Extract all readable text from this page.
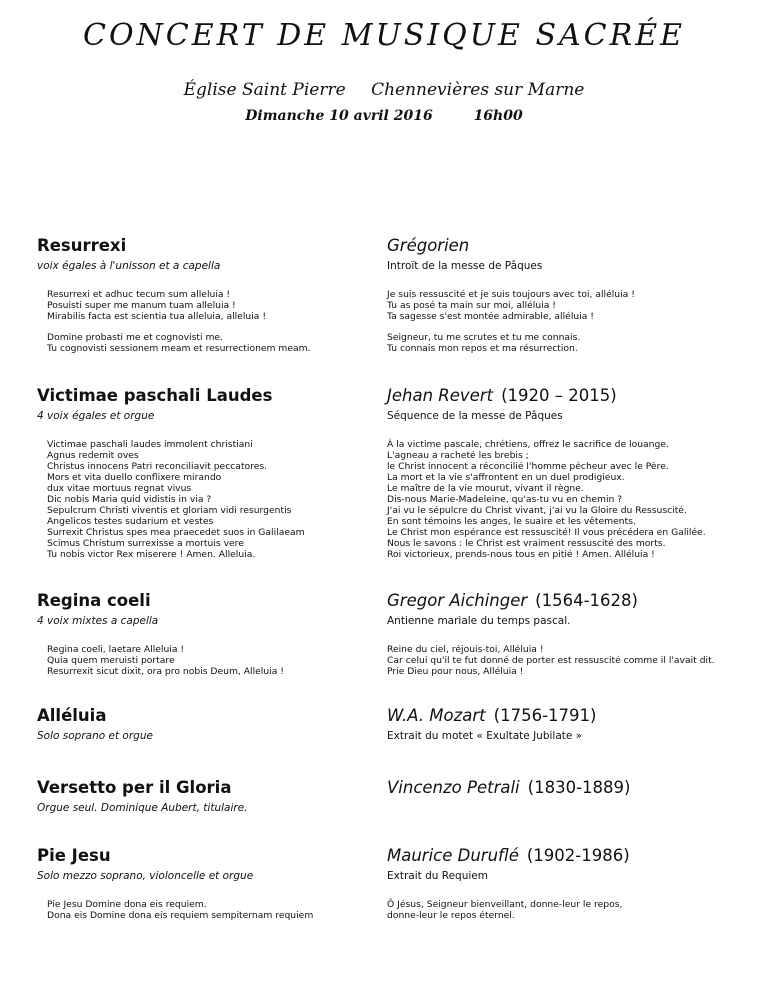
CONCERT DE MUSIQUE SACRÉE
Église Saint Pierre Chennevières sur Marne
Dimanche 10 avril 2016	16h00
Resurrexi
voix égales à l'unisson et a capella
Resurrexi et adhuc tecum sum alleluia !
Posuisti super me manum tuam alleluia !
Mirabilis facta est scientia tua alleluia, alleluia !
Domine probasti me et cognovisti me.
Tu cognovisti sessionem meam et resurrectionem meam.
Grégorien
Introït de la messe de Pâques
Je suis ressuscité et je suis toujours avec toi, alléluia !
Tu as posé ta main sur moi, alléluia !
Ta sagesse s'est montée admirable, alléluia !
Seigneur, tu me scrutes et tu me connais.
Tu connais mon repos et ma résurrection.
Victimae paschali Laudes
4 voix égales et orgue
Victimae paschali laudes immolent christiani
Agnus redemit oves
Christus innocens Patri reconciliavit peccatores.
Mors et vita duello conflixere mirando
dux vitae mortuus regnat vivus
Dic nobis Maria quid vidistis in via ?
Sepulcrum Christi viventis et gloriam vidi resurgentis
Angelicos testes sudarium et vestes
Surrexit Christus spes mea praecedet suos in Galilaeam
Scimus Christum surrexisse a mortuis vere
Tu nobis victor Rex miserere ! Amen. Alleluia.
Jehan Revert (1920 – 2015)
Séquence de la messe de Pâques
À la victime pascale, chrétiens, offrez le sacrifice de louange.
L'agneau a racheté les brebis ;
le Christ innocent a réconcilié l'homme pécheur avec le Père.
La mort et la vie s'affrontent en un duel prodigieux.
Le maître de la vie mourut, vivant il règne.
Dis-nous Marie-Madeleine, qu'as-tu vu en chemin ?
J'ai vu le sépulcre du Christ vivant, j'ai vu la Gloire du Ressuscité.
En sont témoins les anges, le suaire et les vêtements.
Le Christ mon espérance est ressuscité! Il vous précédera en Galilée.
Nous le savons : le Christ est vraiment ressuscité des morts.
Roi victorieux, prends-nous tous en pitié ! Amen. Alléluia !
Regina coeli
4 voix mixtes a capella
Regina coeli, laetare Alleluia !
Quia quem meruisti portare
Resurrexit sicut dixit, ora pro nobis Deum, Alleluia !
Gregor Aichinger (1564-1628)
Antienne mariale du temps pascal.
Reine du ciel, réjouis-toi, Alléluia !
Car celui qu'il te fut donné de porter est ressuscité comme il l'avait dit.
Prie Dieu pour nous, Alléluia !
Alléluia
Solo soprano et orgue
W.A. Mozart (1756-1791)
Extrait du motet « Exultate Jubilate »
Versetto per il Gloria
Orgue seul. Dominique Aubert, titulaire.
Vincenzo Petrali (1830-1889)
Pie Jesu
Solo mezzo soprano, violoncelle et orgue
Pie Jesu Domine dona eis requiem.
Dona eis Domine dona eis requiem sempiternam requiem
Maurice Duruflé (1902-1986)
Extrait du Requiem
Ô Jésus, Seigneur bienveillant, donne-leur le repos,
donne-leur le repos éternel.
